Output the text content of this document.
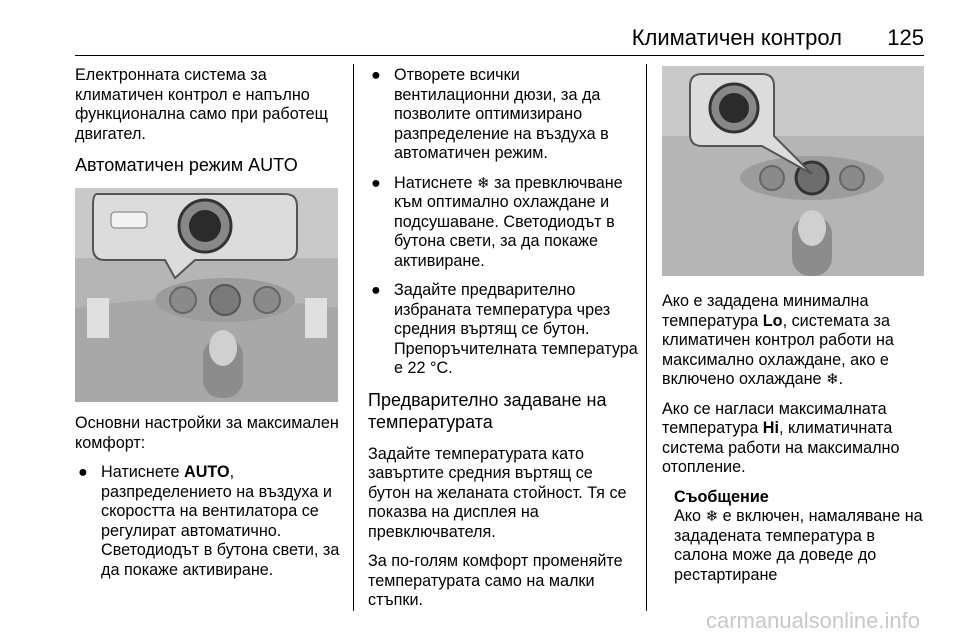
Климатичен контрол 125

Електронната система за климатичен контрол е напълно функционална само при работещ двигател.

Автоматичен режим AUTO

Основни настройки за максимален комфорт:

● Натиснете AUTO, разпределението на въздуха и скоростта на вентилатора се регулират автоматично. Светодиодът в бутона свети, за да покаже активиране.
● Отворете всички вентилационни дюзи, за да позволите оптимизирано разпределение на въздуха в автоматичен режим.
● Натиснете ❄ за превключване към оптимално охлаждане и подсушаване. Светодиодът в бутона свети, за да покаже активиране.
● Задайте предварително избраната температура чрез средния въртящ се бутон. Препоръчителната температура е 22 °C.
Предварително задаване на температурата

Задайте температурата като завъртите средния въртящ се бутон на желаната стойност. Тя се показва на дисплея на превключвателя.

За по-голям комфорт променяйте температурата само на малки стъпки.

Ако е зададена минимална температура Lo, системата за климатичен контрол работи на максимално охлаждане, ако е включено охлаждане ❄.

Ако се нагласи максималната температура Hi, климатичната система работи на максимално отопление.

Съобщение
Ако ❄ е включен, намаляване на зададената температура в салона може да доведе до рестартиране
carmanualsonline.info
